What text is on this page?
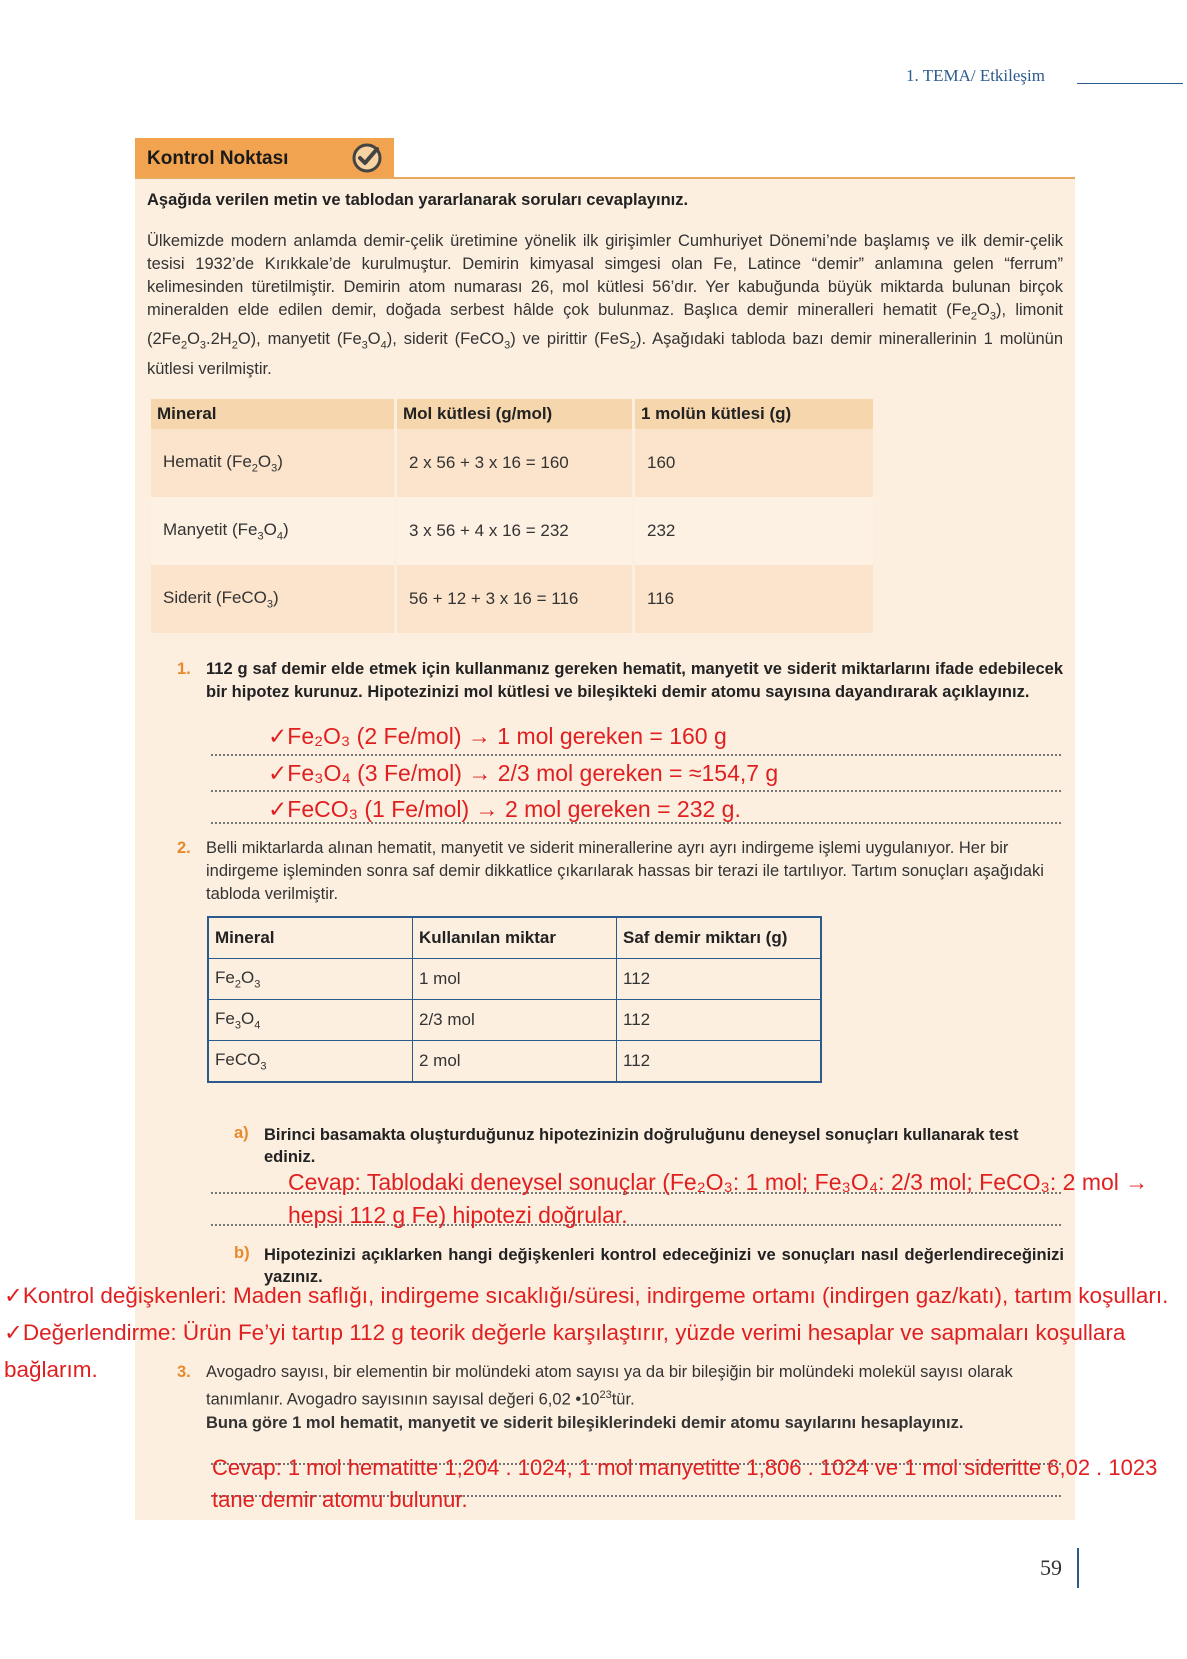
1. TEMA/ Etkileşim
Kontrol Noktası
Aşağıda verilen metin ve tablodan yararlanarak soruları cevaplayınız.
Ülkemizde modern anlamda demir-çelik üretimine yönelik ilk girişimler Cumhuriyet Dönemi’nde başlamış ve ilk demir-çelik tesisi 1932’de Kırıkkale’de kurulmuştur. Demirin kimyasal simgesi olan Fe, Latince “demir” anlamına gelen “ferrum” kelimesinden türetilmiştir. Demirin atom numarası 26, mol kütlesi 56’dır. Yer kabuğunda büyük miktarda bulunan birçok mineralden elde edilen demir, doğada serbest hâlde çok bulunmaz. Başlıca demir mineralleri hematit $(Fe_2O_3)$, limonit $(2Fe_2O_3.2H_2O)$, manyetit $(Fe_3O_4)$, siderit (FeCO$_3$) ve pirittir (FeS$_2$). Aşağıdaki tabloda bazı demir minerallerinin 1 molünün kütlesi verilmiştir.
Mineral	Mol kütlesi (g/mol)	1 molün kütlesi (g)
Hematit $(Fe_2O_3)$	2 x 56 + 3 x 16 = 160	160
Manyetit $(Fe_3O_4)$	3 x 56 + 4 x 16 = 232	232
Siderit (FeCO$_3$)	56 + 12 + 3 x 16 = 116	116
1. 112 g saf demir elde etmek için kullanmanız gereken hematit, manyetit ve siderit miktarlarını ifade edebilecek bir hipotez kurunuz. Hipotezinizi mol kütlesi ve bileşikteki demir atomu sayısına dayandırarak açıklayınız.
✓Fe₂O₃ (2 Fe/mol) → 1 mol gereken = 160 g
✓Fe₃O₄ (3 Fe/mol) → 2/3 mol gereken = ≈154,7 g
✓FeCO₃ (1 Fe/mol) → 2 mol gereken = 232 g.
2. Belli miktarlarda alınan hematit, manyetit ve siderit minerallerine ayrı ayrı indirgeme işlemi uygulanıyor. Her bir indirgeme işleminden sonra saf demir dikkatlice çıkarılarak hassas bir terazi ile tartılıyor. Tartım sonuçları aşağıdaki tabloda verilmiştir.
Mineral	Kullanılan miktar	Saf demir miktarı (g)
$Fe_2O_3$	1 mol	112
$Fe_3O_4$	2/3 mol	112
FeCO$_3$	2 mol	112
a) Birinci basamakta oluşturduğunuz hipotezinizin doğruluğunu deneysel sonuçları kullanarak test ediniz.
Cevap: Tablodaki deneysel sonuçlar (Fe₂O₃: 1 mol; Fe₃O₄: 2/3 mol; FeCO₃: 2 mol → hepsi 112 g Fe) hipotezi doğrular.
b) Hipotezinizi açıklarken hangi değişkenleri kontrol edeceğinizi ve sonuçları nasıl değerlendireceğinizi yazınız.
✓Kontrol değişkenleri: Maden saflığı, indirgeme sıcaklığı/süresi, indirgeme ortamı (indirgen gaz/katı), tartım koşulları. ✓Değerlendirme: Ürün Fe’yi tartıp 112 g teorik değerle karşılaştırır, yüzde verimi hesaplar ve sapmaları koşullara bağlarım.	3. Avogadro sayısı, bir elementin bir molündeki atom sayısı ya da bir bileşiğin bir molündeki molekül sayısı olarak tanımlanır. Avogadro sayısının sayısal değeri 6,02 $•10^{23}tür$.
Buna göre 1 mol hematit, manyetit ve siderit bileşiklerindeki demir atomu sayılarını hesaplayınız.
Cevap: 1 mol hematitte 1,204 . 1024, 1 mol manyetitte 1,806 . 1024 ve 1 mol sideritte 6,02 . 1023 tane demir atomu bulunur.
59
